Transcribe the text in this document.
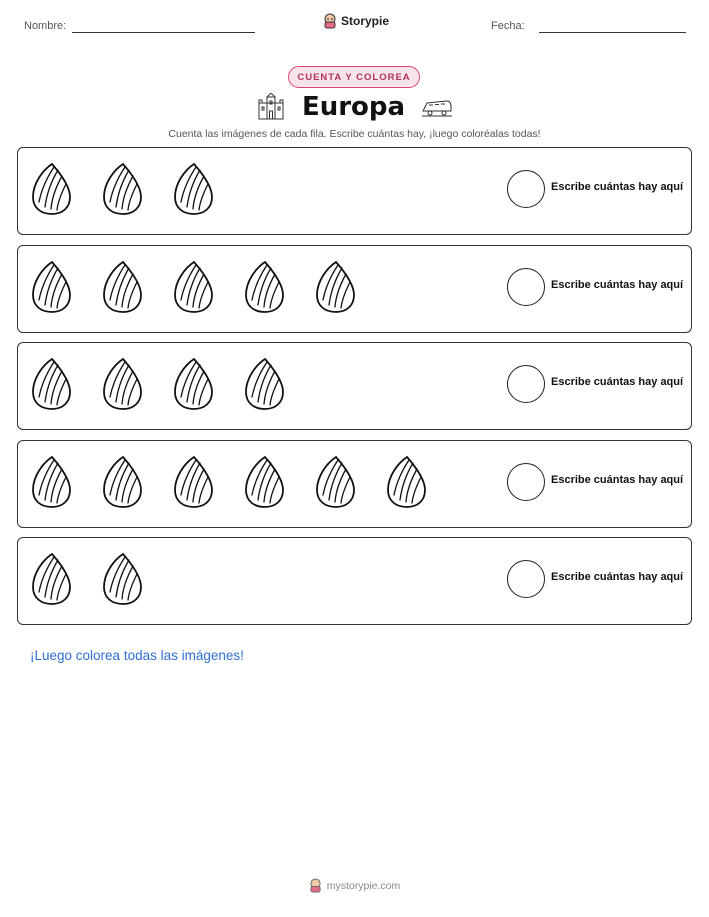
Nombre:	Storypie	Fecha:
CUENTA Y COLOREA
Europa
Cuenta las imágenes de cada fila. Escribe cuántas hay, ¡luego coloréalas todas!
Escribe cuántas hay aquí
Escribe cuántas hay aquí
Escribe cuántas hay aquí
Escribe cuántas hay aquí
Escribe cuántas hay aquí
¡Luego colorea todas las imágenes!
mystorypie.com
